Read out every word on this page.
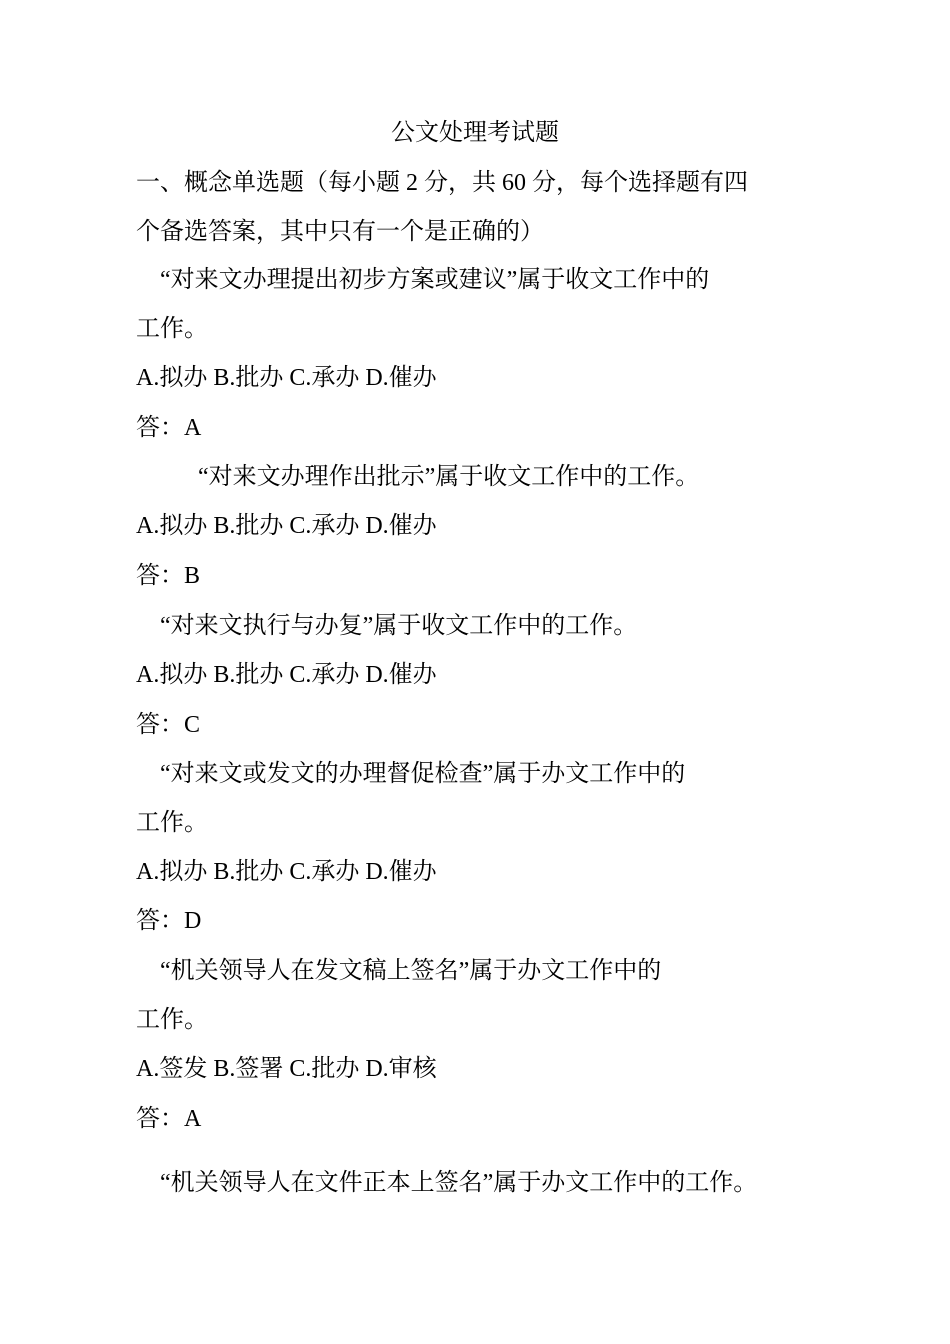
公文处理考试题
一、概念单选题（每小题 2 分，共 60 分，每个选择题有四
个备选答案，其中只有一个是正确的）
“对来文办理提出初步方案或建议”属于收文工作中的
工作。
A.拟办 B.批办 C.承办 D.催办
答：A
“对来文办理作出批示”属于收文工作中的工作。
A.拟办 B.批办 C.承办 D.催办
答：B
“对来文执行与办复”属于收文工作中的工作。
A.拟办 B.批办 C.承办 D.催办
答：C
“对来文或发文的办理督促检查”属于办文工作中的
工作。
A.拟办 B.批办 C.承办 D.催办
答：D
“机关领导人在发文稿上签名”属于办文工作中的
工作。
A.签发 B.签署 C.批办 D.审核
答：A
“机关领导人在文件正本上签名”属于办文工作中的工作。
